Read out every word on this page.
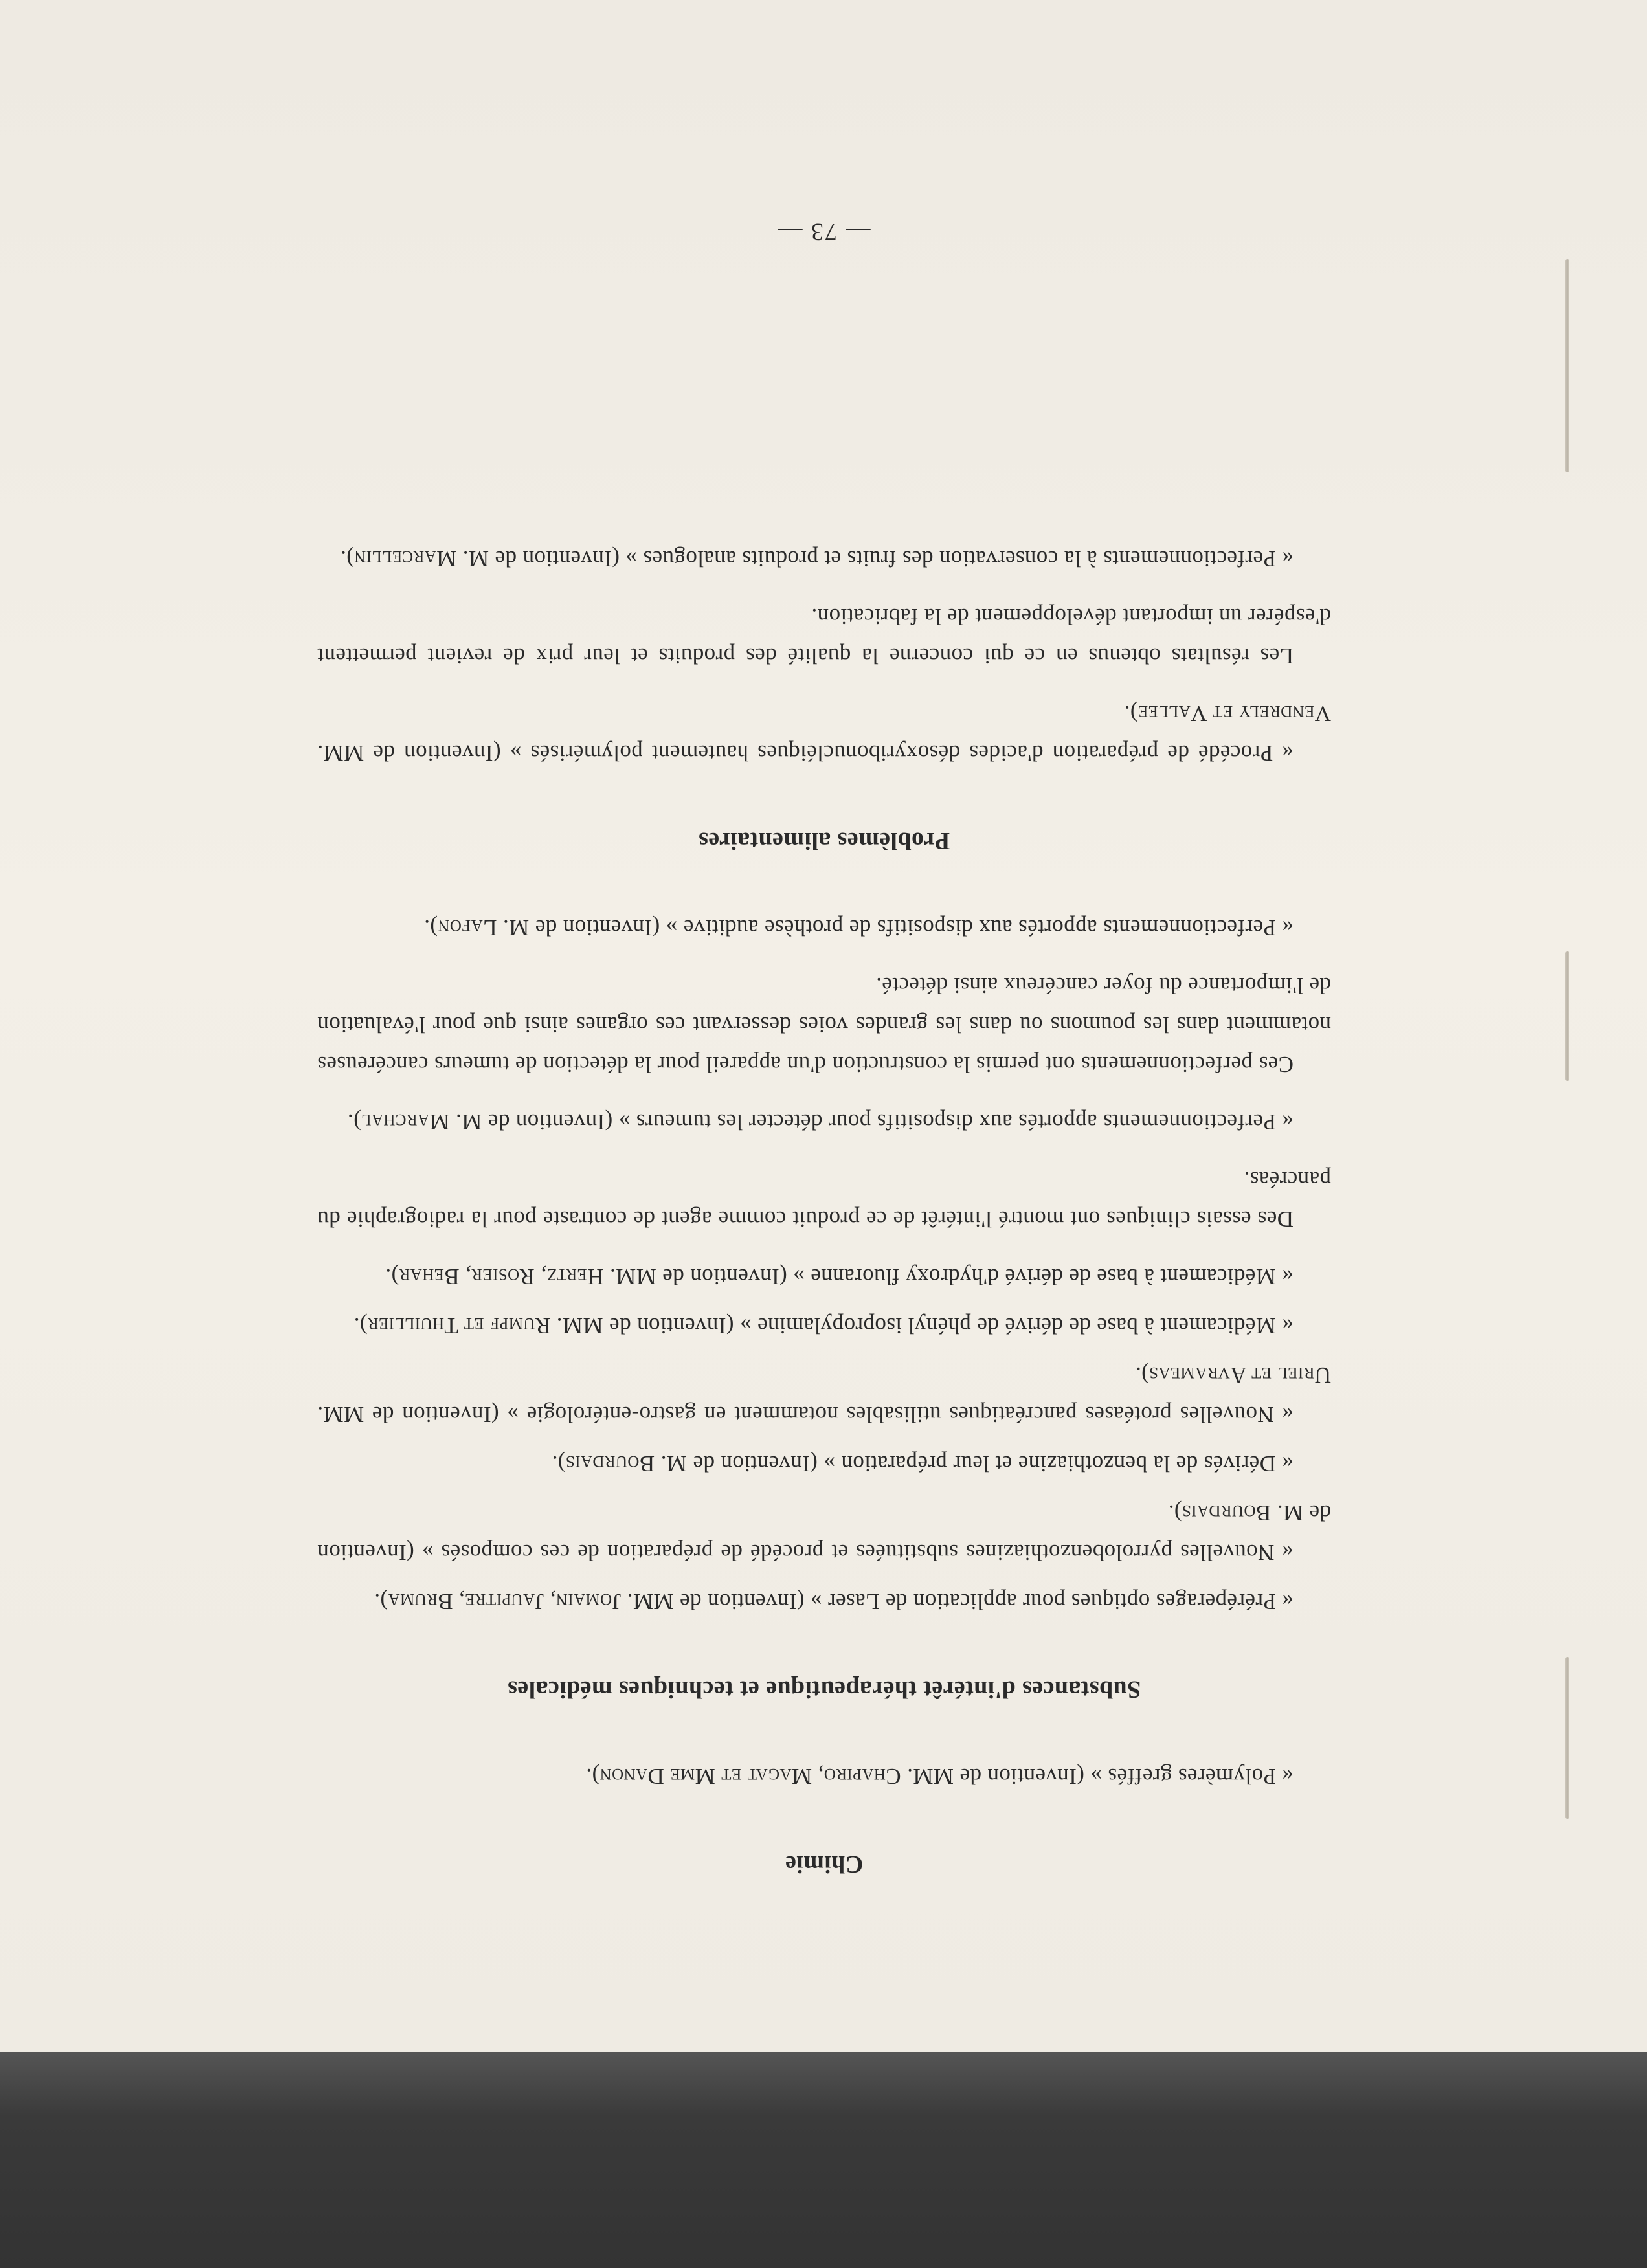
Chimie

« Polymères greffés » (Invention de MM. Chapiro, Magat et Mme Danon).

Substances d'intérêt thérapeutique et techniques médicales

« Préréperages optiques pour application de Laser » (Invention de MM. Jomain, Jaupitre, Bruma).

« Nouvelles pyrrolobenzothiazines substituées et procédé de préparation de ces composés » (Invention de M. Bourdais).

« Dérivés de la benzothiazine et leur préparation » (Invention de M. Bourdais).

« Nouvelles protéases pancréatiques utilisables notamment en gastro-entérologie » (Invention de MM. Uriel et Avrameas).

« Médicament à base de dérivé de phényl isopropylamine » (Invention de MM. Rumpf et Thuillier).

« Médicament à base de dérivé d'hydroxy fluoranne » (Invention de MM. Hertz, Rosier, Behar).

Des essais cliniques ont montré l'intérêt de ce produit comme agent de contraste pour la radiographie du pancréas.

« Perfectionnements apportés aux dispositifs pour détecter les tumeurs » (Invention de M. Marchal).

Ces perfectionnements ont permis la construction d'un appareil pour la détection de tumeurs cancéreuses notamment dans les poumons ou dans les grandes voies desservant ces organes ainsi que pour l'évaluation de l'importance du foyer cancéreux ainsi détecté.

« Perfectionnements apportés aux dispositifs de prothèse auditive » (Invention de M. Lafon).

Problèmes alimentaires

« Procédé de préparation d'acides désoxyribonucléiques hautement polymérisés » (Invention de MM. Vendrely et Vallee).

Les résultats obtenus en ce qui concerne la qualité des produits et leur prix de revient permettent d'espérer un important développement de la fabrication.

« Perfectionnements à la conservation des fruits et produits analogues » (Invention de M. Marcellin).

— 73 —
